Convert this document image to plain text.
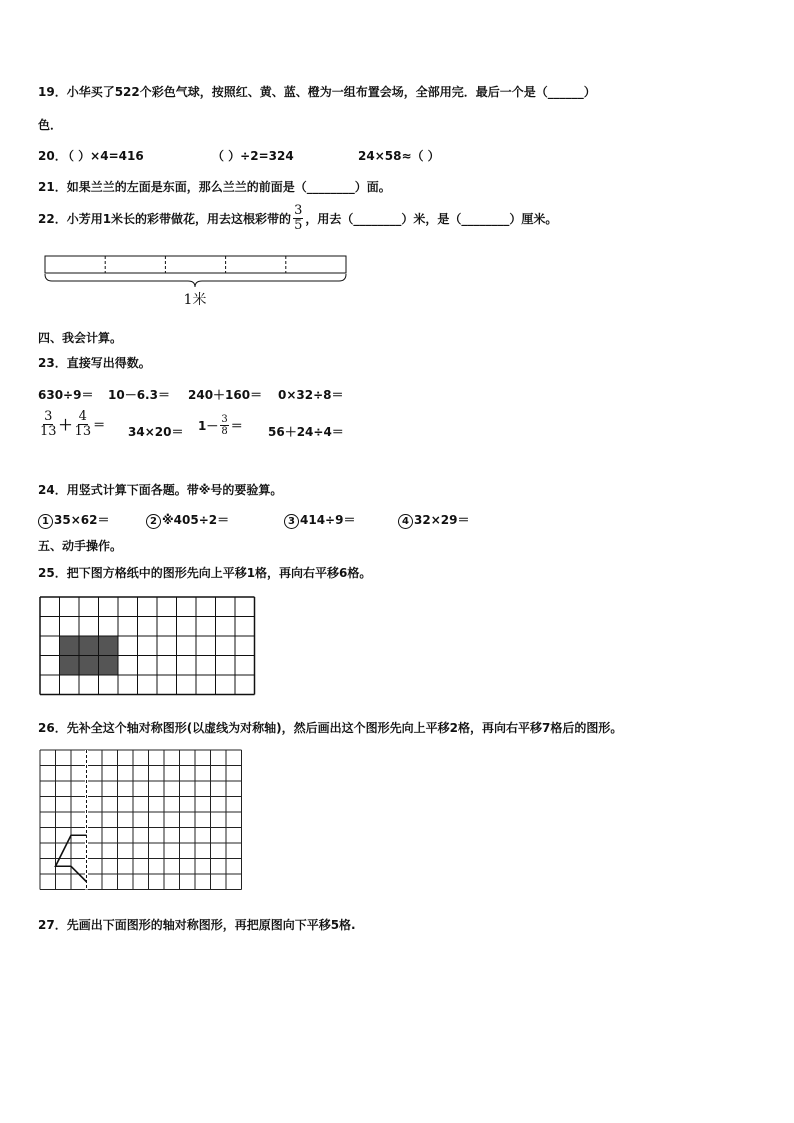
19．小华买了522个彩色气球，按照红、黄、蓝、橙为一组布置会场，全部用完．最后一个是（______）
色．
20．
（ ）×4=416	（ ）÷2=324	24×58≈（ ）
21．如果兰兰的左面是东面，那么兰兰的前面是（________）面。
22．小芳用1米长的彩带做花，用去这根彩带的 $\frac{3}{5}$ ，用去（________）米，是（________）厘米。
1米
四、我会计算。
23．直接写出得数。
630÷9＝ 10－6.3＝ 240＋160＝ 0×32÷8＝
$\frac{3}{13} + \frac{4}{13} = 34\times 20= 1- \frac{3}{8} = 56+24\div 4=$
24．用竖式计算下面各题。带※号的要验算。
1 35×62＝	2 ※405÷2＝	3 414÷9＝	4 32×29＝
五、动手操作。
25．把下图方格纸中的图形先向上平移1格，再向右平移6格。
26．先补全这个轴对称图形(以虚线为对称轴)，然后画出这个图形先向上平移2格，再向右平移7格后的图形。
27．先画出下面图形的轴对称图形，再把原图向下平移5格.
